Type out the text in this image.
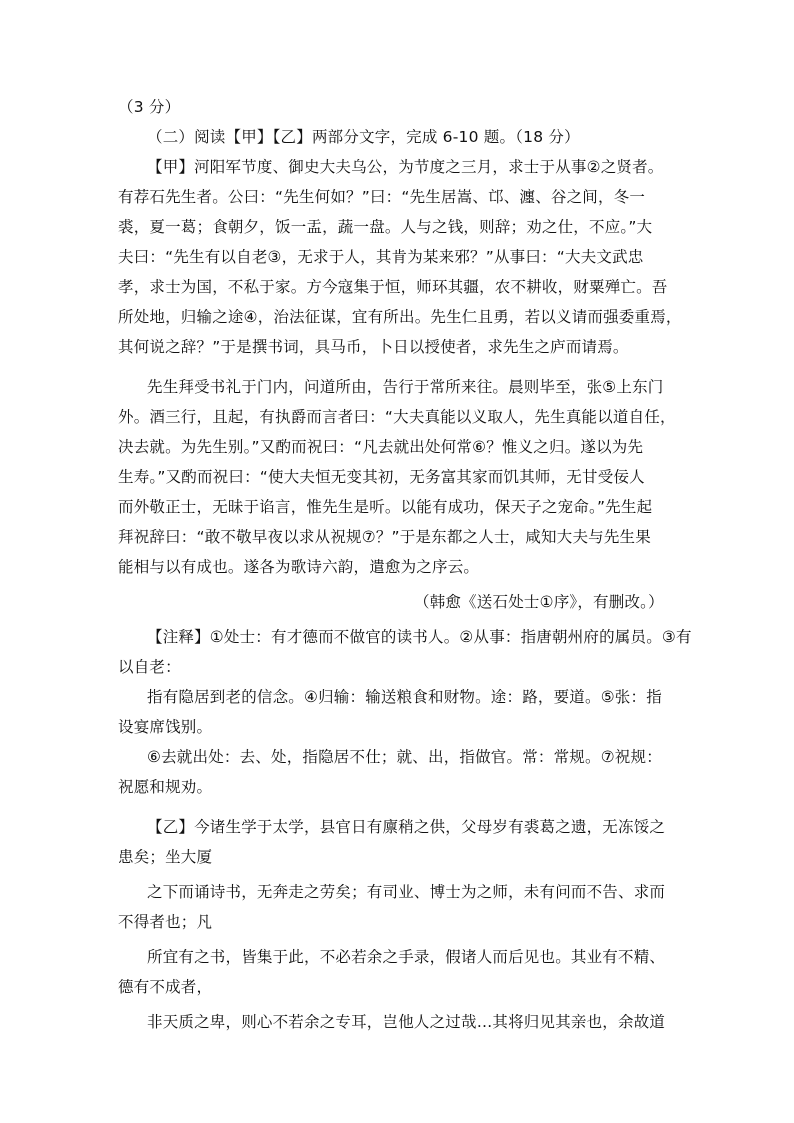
（3 分）
（二）阅读【甲】【乙】两部分文字，完成 6-10 题。（18 分）
【甲】河阳军节度、御史大夫乌公，为节度之三月，求士于从事②之贤者。
有荐石先生者。公曰：“先生何如？”曰：“先生居嵩、邙、瀍、谷之间，冬一
裘，夏一葛；食朝夕，饭一盂，蔬一盘。人与之钱，则辞；劝之仕，不应。”大
夫曰：“先生有以自老③，无求于人，其肯为某来邪？”从事曰：“大夫文武忠
孝，求士为国，不私于家。方今寇集于恒，师环其疆，农不耕收，财粟殚亡。吾
所处地，归输之途④，治法征谋，宜有所出。先生仁且勇，若以义请而强委重焉，
其何说之辞？”于是撰书词，具马币，卜日以授使者，求先生之庐而请焉。
先生拜受书礼于门内，问道所由，告行于常所来往。晨则毕至，张⑤上东门
外。酒三行，且起，有执爵而言者曰：“大夫真能以义取人，先生真能以道自任，
决去就。为先生别。”又酌而祝曰：“凡去就出处何常⑥？惟义之归。遂以为先
生寿。”又酌而祝曰：“使大夫恒无变其初，无务富其家而饥其师，无甘受佞人
而外敬正士，无昧于谄言，惟先生是听。以能有成功，保天子之宠命。”先生起
拜祝辞曰：“敢不敬早夜以求从祝规⑦？”于是东都之人士，咸知大夫与先生果
能相与以有成也。遂各为歌诗六韵，遣愈为之序云。
（韩愈《送石处士①序》，有删改。）
【注释】①处士：有才德而不做官的读书人。②从事：指唐朝州府的属员。③有
以自老：
指有隐居到老的信念。④归输：输送粮食和财物。途：路，要道。⑤张：指
设宴席饯别。
⑥去就出处：去、处，指隐居不仕；就、出，指做官。常：常规。⑦祝规：
祝愿和规劝。
【乙】今诸生学于太学，县官日有廪稍之供，父母岁有裘葛之遗，无冻馁之
患矣；坐大厦
之下而诵诗书，无奔走之劳矣；有司业、博士为之师，未有问而不告、求而
不得者也；凡
所宜有之书，皆集于此，不必若余之手录，假诸人而后见也。其业有不精、
德有不成者，
非天质之卑，则心不若余之专耳，岂他人之过哉…其将归见其亲也，余故道
